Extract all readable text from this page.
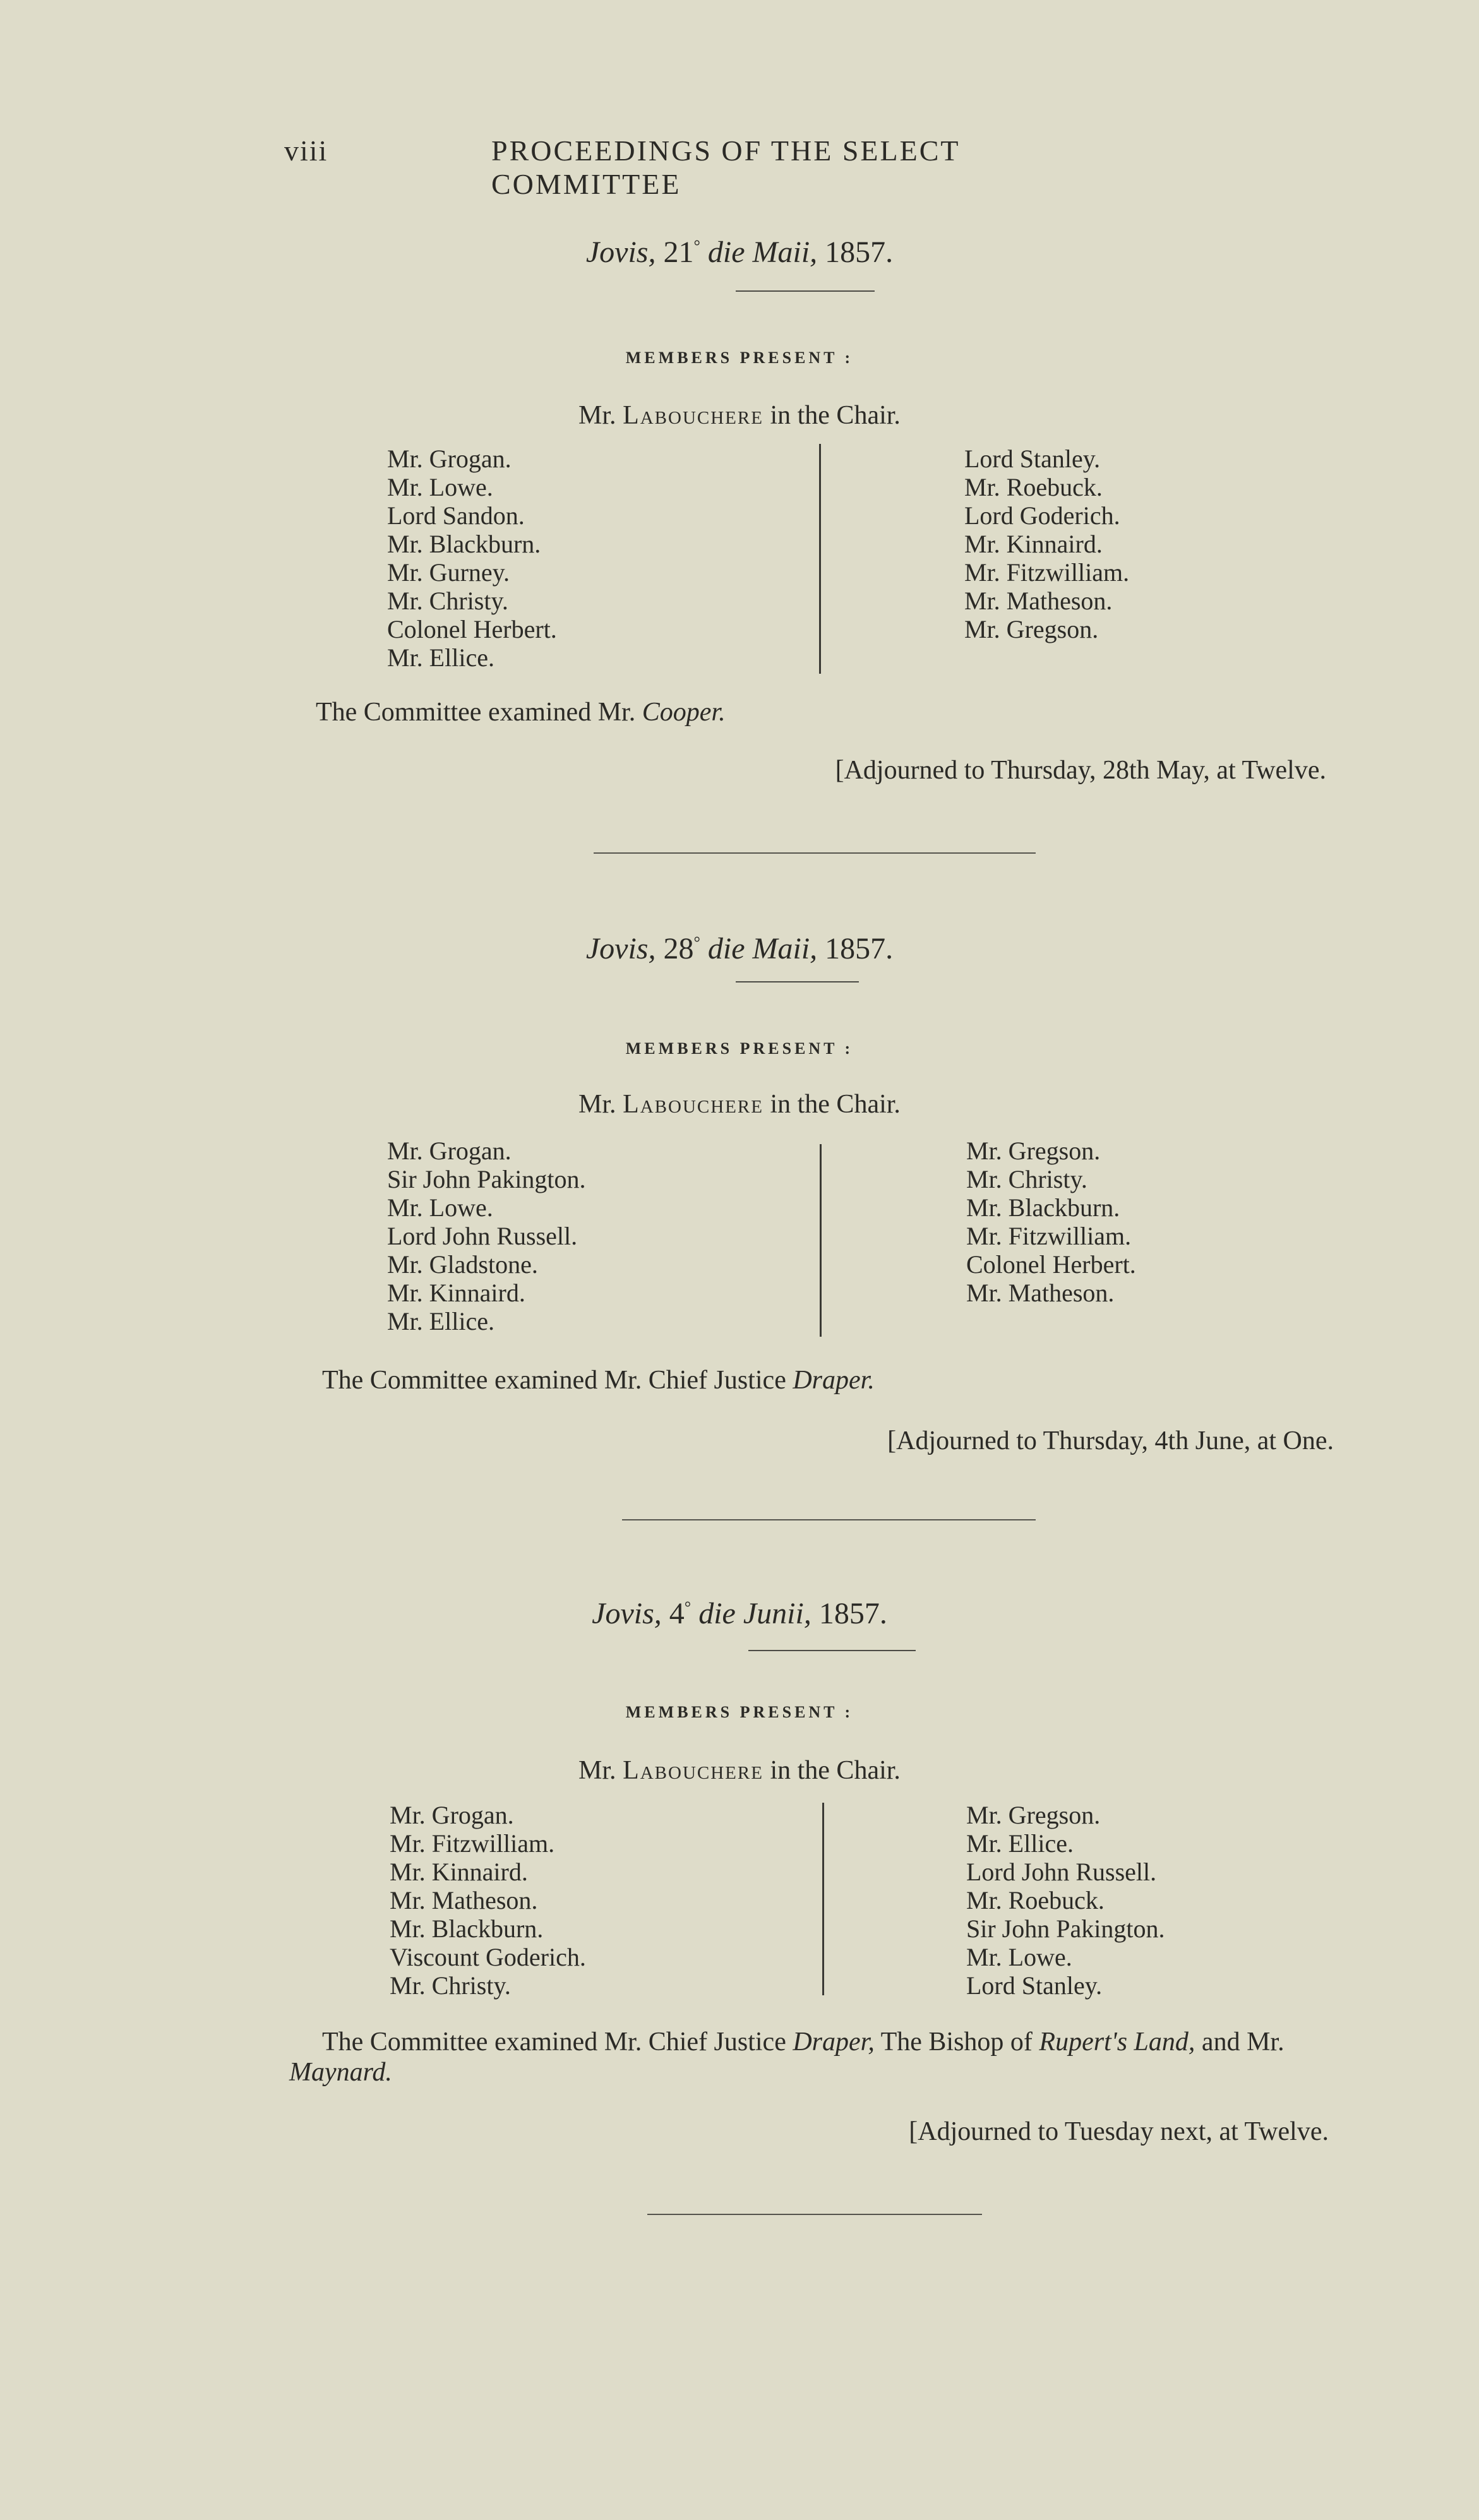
viii	PROCEEDINGS OF THE SELECT COMMITTEE
Jovis, 21° die Maii, 1857.
MEMBERS PRESENT :
Mr. Labouchere in the Chair.
Mr. Grogan.
Mr. Lowe.
Lord Sandon.
Mr. Blackburn.
Mr. Gurney.
Mr. Christy.
Colonel Herbert.
Mr. Ellice.
Lord Stanley.
Mr. Roebuck.
Lord Goderich.
Mr. Kinnaird.
Mr. Fitzwilliam.
Mr. Matheson.
Mr. Gregson.
The Committee examined Mr. Cooper.
[Adjourned to Thursday, 28th May, at Twelve.
Jovis, 28° die Maii, 1857.
MEMBERS PRESENT :
Mr. Labouchere in the Chair.
Mr. Grogan.
Sir John Pakington.
Mr. Lowe.
Lord John Russell.
Mr. Gladstone.
Mr. Kinnaird.
Mr. Ellice.
Mr. Gregson.
Mr. Christy.
Mr. Blackburn.
Mr. Fitzwilliam.
Colonel Herbert.
Mr. Matheson.
The Committee examined Mr. Chief Justice Draper.
[Adjourned to Thursday, 4th June, at One.
Jovis, 4° die Junii, 1857.
MEMBERS PRESENT :
Mr. Labouchere in the Chair.
Mr. Grogan.
Mr. Fitzwilliam.
Mr. Kinnaird.
Mr. Matheson.
Mr. Blackburn.
Viscount Goderich.
Mr. Christy.
Mr. Gregson.
Mr. Ellice.
Lord John Russell.
Mr. Roebuck.
Sir John Pakington.
Mr. Lowe.
Lord Stanley.
The Committee examined Mr. Chief Justice Draper, The Bishop of Rupert's Land, and Mr. Maynard.
[Adjourned to Tuesday next, at Twelve.
